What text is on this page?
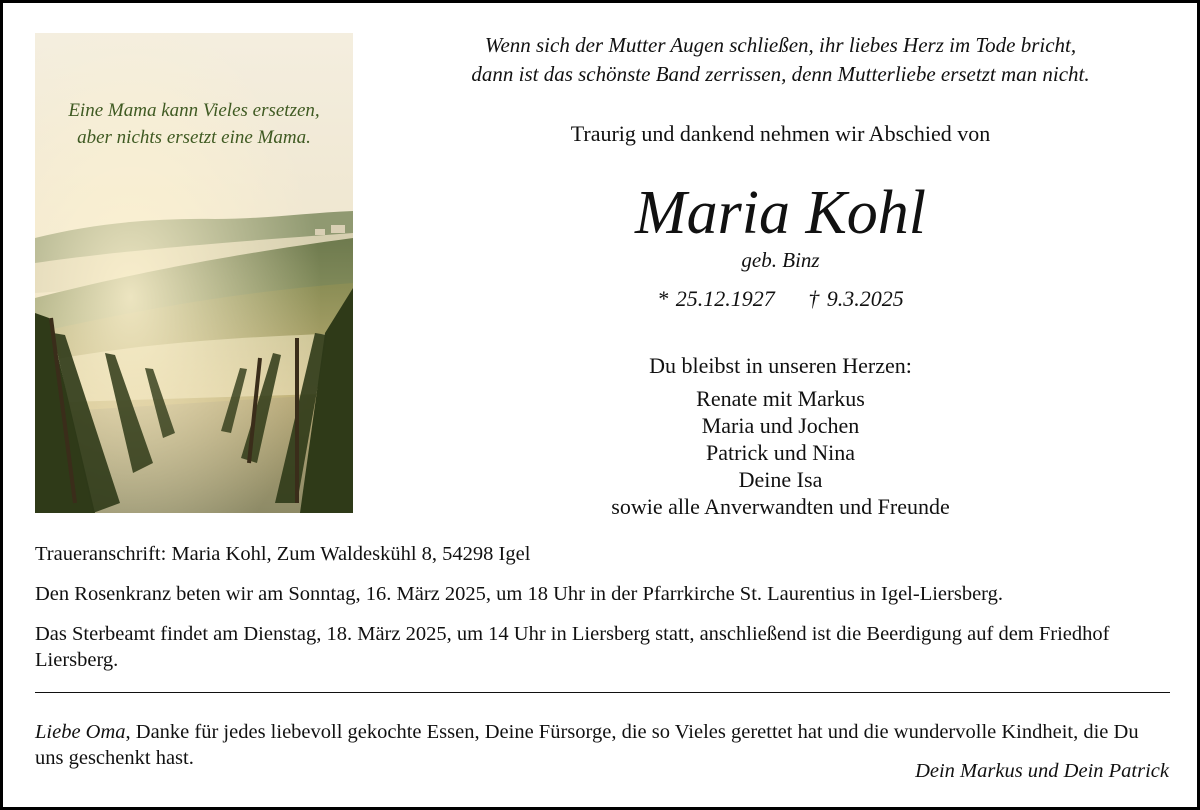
Eine Mama kann Vieles ersetzen,
aber nichts ersetzt eine Mama.
Wenn sich der Mutter Augen schließen, ihr liebes Herz im Tode bricht,
dann ist das schönste Band zerrissen, denn Mutterliebe ersetzt man nicht.
Traurig und dankend nehmen wir Abschied von
Maria Kohl
geb. Binz
* 25.12.1927 † 9.3.2025
Du bleibst in unseren Herzen:
Renate mit Markus
Maria und Jochen
Patrick und Nina
Deine Isa
sowie alle Anverwandten und Freunde
Traueranschrift: Maria Kohl, Zum Waldeskühl 8, 54298 Igel
Den Rosenkranz beten wir am Sonntag, 16. März 2025, um 18 Uhr in der Pfarrkirche St. Laurentius in Igel-Liersberg.
Das Sterbeamt findet am Dienstag, 18. März 2025, um 14 Uhr in Liersberg statt, anschließend ist die Beerdigung auf dem Friedhof Liersberg.
Liebe Oma, Danke für jedes liebevoll gekochte Essen, Deine Fürsorge, die so Vieles gerettet hat und die wundervolle Kindheit, die Du uns geschenkt hast.
Dein Markus und Dein Patrick
